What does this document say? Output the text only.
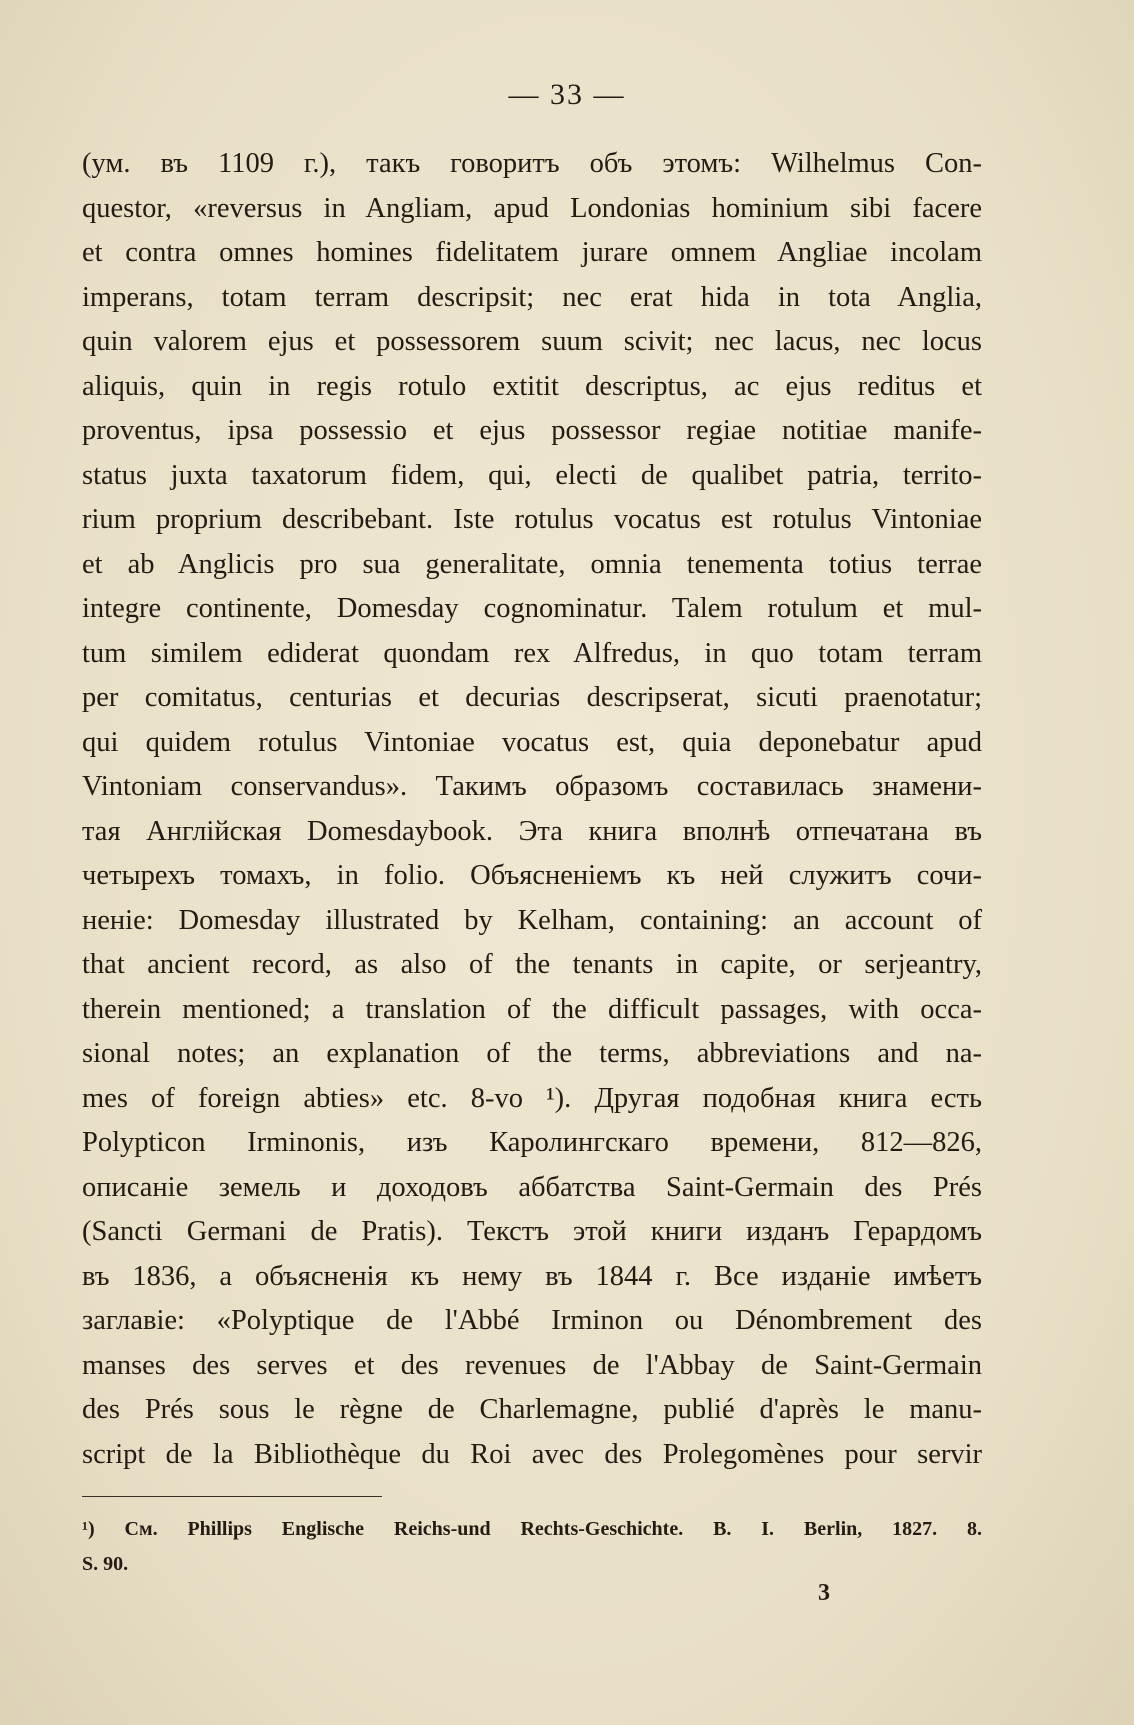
— 33 —
(ум. въ 1109 г.), такъ говоритъ объ этомъ: Wilhelmus Con-
questor, «reversus in Angliam, apud Londonias hominium sibi facere
et contra omnes homines fidelitatem jurare omnem Angliae incolam
imperans, totam terram descripsit; nec erat hida in tota Anglia,
quin valorem ejus et possessorem suum scivit; nec lacus, nec locus
aliquis, quin in regis rotulo extitit descriptus, ac ejus reditus et
proventus, ipsa possessio et ejus possessor regiae notitiae manife-
status juxta taxatorum fidem, qui, electi de qualibet patria, territo-
rium proprium describebant. Iste rotulus vocatus est rotulus Vintoniae
et ab Anglicis pro sua generalitate, omnia tenementa totius terrae
integre continente, Domesday cognominatur. Talem rotulum et mul-
tum similem ediderat quondam rex Alfredus, in quo totam terram
per comitatus, centurias et decurias descripserat, sicuti praenotatur;
qui quidem rotulus Vintoniae vocatus est, quia deponebatur apud
Vintoniam conservandus». Такимъ образомъ составилась знамени-
тая Англійская Domesdaybook. Эта книга вполнѣ отпечатана въ
четырехъ томахъ, in folio. Объясненіемъ къ ней служитъ сочи-
неніе: Domesday illustrated by Kelham, containing: an account of
that ancient record, as also of the tenants in capite, or serjeantry,
therein mentioned; a translation of the difficult passages, with occa-
sional notes; an explanation of the terms, abbreviations and na-
mes of foreign abties» etc. 8-vo ¹). Другая подобная книга есть
Polypticon Irminonis, изъ Каролингскаго времени, 812—826,
описаніе земель и доходовъ аббатства Saint-Germain des Prés
(Sancti Germani de Pratis). Текстъ этой книги изданъ Герардомъ
въ 1836, а объясненія къ нему въ 1844 г. Все изданіе имѣетъ
заглавіе: «Polyptique de l'Abbé Irminon ou Dénombrement des
manses des serves et des revenues de l'Abbay de Saint-Germain
des Prés sous le règne de Charlemagne, publié d'après le manu-
script de la Bibliothèque du Roi avec des Prolegomènes pour servir
¹) См. Phillips Englische Reichs-und Rechts-Geschichte. B. I. Berlin, 1827. 8.
S. 90.
3
